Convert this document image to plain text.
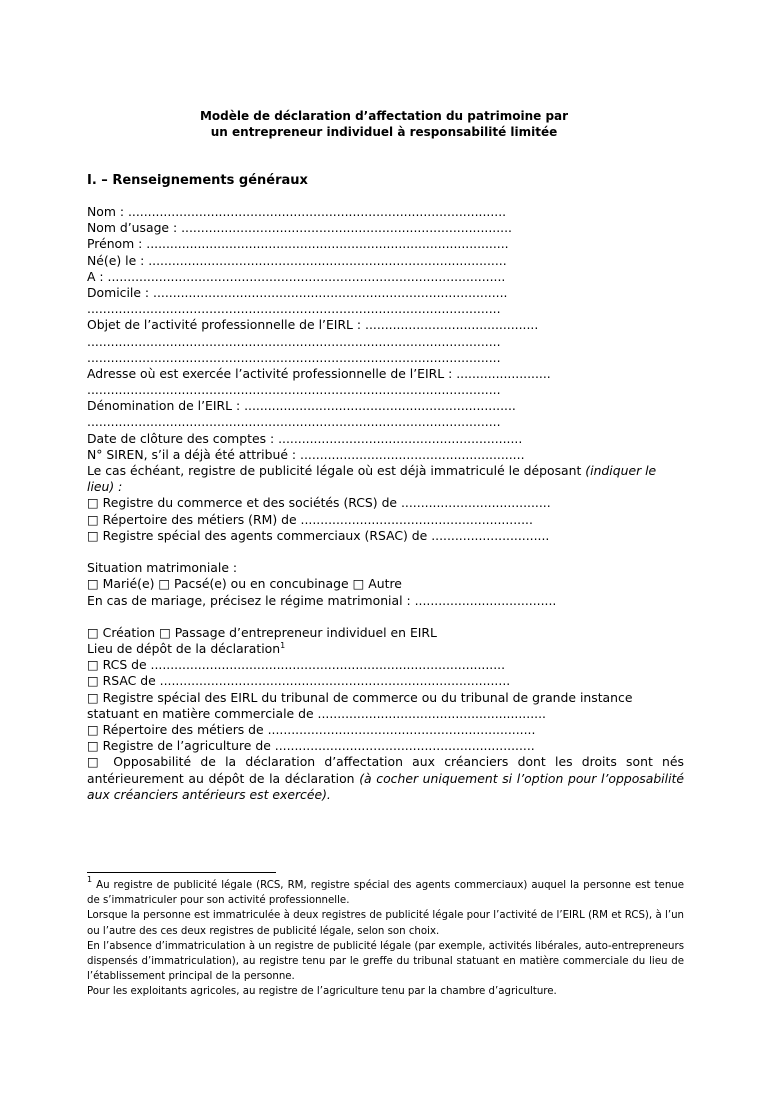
Modèle de déclaration d’affectation du patrimoine par
un entrepreneur individuel à responsabilité limitée
I. – Renseignements généraux
Nom : ................................................................................................
Nom d’usage : ....................................................................................
Prénom : ............................................................................................
Né(e) le : ...........................................................................................
A : .....................................................................................................
Domicile : ..........................................................................................
.........................................................................................................
Objet de l’activité professionnelle de l’EIRL : ............................................
.........................................................................................................
.........................................................................................................
Adresse où est exercée l’activité professionnelle de l’EIRL : ........................
.........................................................................................................
Dénomination de l’EIRL : .....................................................................
.........................................................................................................
Date de clôture des comptes : ..............................................................
N° SIREN, s’il a déjà été attribué : .........................................................
Le cas échéant, registre de publicité légale où est déjà immatriculé le déposant (indiquer le lieu) :
□ Registre du commerce et des sociétés (RCS) de ......................................
□ Répertoire des métiers (RM) de ...........................................................
□ Registre spécial des agents commerciaux (RSAC) de ..............................
Situation matrimoniale :
□ Marié(e) □ Pacsé(e) ou en concubinage □ Autre
En cas de mariage, précisez le régime matrimonial : ....................................
□ Création □ Passage d’entrepreneur individuel en EIRL
Lieu de dépôt de la déclaration$^1$
□ RCS de ..........................................................................................
□ RSAC de .........................................................................................
□ Registre spécial des EIRL du tribunal de commerce ou du tribunal de grande instance statuant en matière commerciale de ..........................................................
□ Répertoire des métiers de ....................................................................
□ Registre de l’agriculture de ..................................................................
□ Opposabilité de la déclaration d’affectation aux créanciers dont les droits sont nés antérieurement au dépôt de la déclaration (à cocher uniquement si l’option pour l’opposabilité aux créanciers antérieurs est exercée).

$^1$Au registre de publicité légale (RCS, RM, registre spécial des agents commerciaux) auquel la personne est tenue de s’immatriculer pour son activité professionnelle.

Lorsque la personne est immatriculée à deux registres de publicité légale pour l’activité de l’EIRL (RM et RCS), à l’un ou l’autre des ces deux registres de publicité légale, selon son choix.

En l’absence d’immatriculation à un registre de publicité légale (par exemple, activités libérales, auto-entrepreneurs dispensés d’immatriculation), au registre tenu par le greffe du tribunal statuant en matière commerciale du lieu de l’établissement principal de la personne.

Pour les exploitants agricoles, au registre de l’agriculture tenu par la chambre d’agriculture.
